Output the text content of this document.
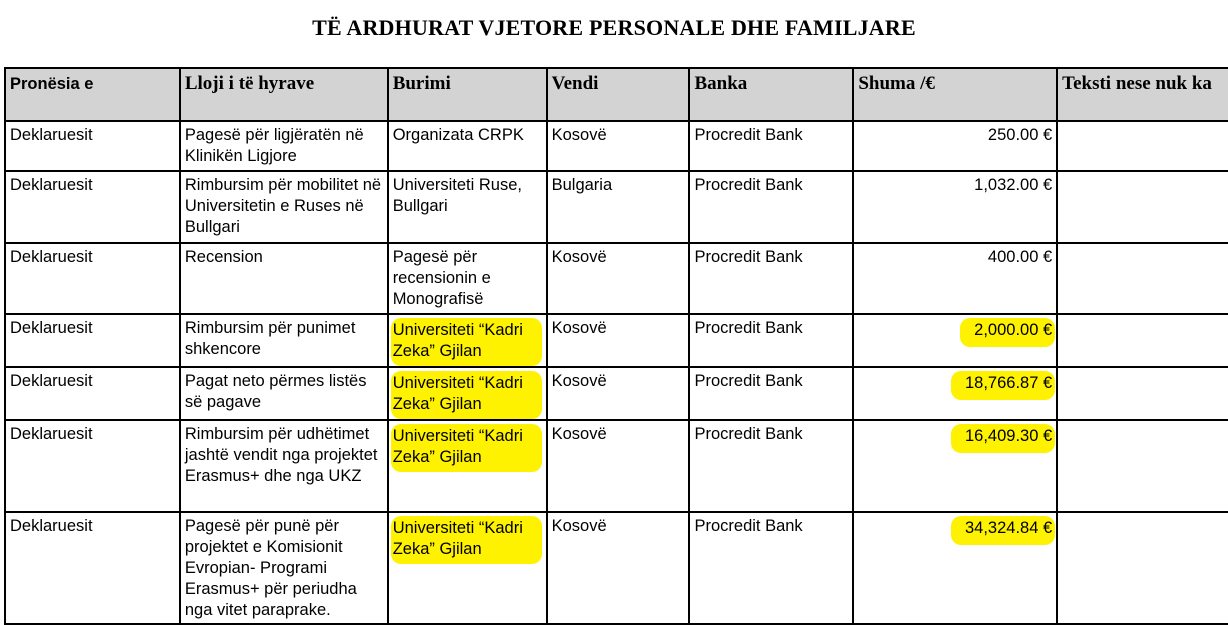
TË ARDHURAT VJETORE PERSONALE DHE FAMILJARE
Pronësia e	Lloji i të hyrave	Burimi	Vendi	Banka	Shuma /€	Teksti nese nuk ka
Deklaruesit	Pagesë për ligjëratën në Klinikën Ligjore	Organizata CRPK	Kosovë	Procredit Bank	250.00 €	
Deklaruesit	Rimbursim për mobilitet në Universitetin e Ruses në Bullgari	Universiteti Ruse, Bullgari	Bulgaria	Procredit Bank	1,032.00 €	
Deklaruesit	Recension	Pagesë për recensionin e Monografisë	Kosovë	Procredit Bank	400.00 €	
Deklaruesit	Rimbursim për punimet shkencore	Universiteti “Kadri Zeka” Gjilan	Kosovë	Procredit Bank	2,000.00 €	
Deklaruesit	Pagat neto përmes listës së pagave	Universiteti “Kadri Zeka” Gjilan	Kosovë	Procredit Bank	18,766.87 €	
Deklaruesit	Rimbursim për udhëtimet jashtë vendit nga projektet Erasmus+ dhe nga UKZ	Universiteti “Kadri Zeka” Gjilan	Kosovë	Procredit Bank	16,409.30 €	
Deklaruesit	Pagesë për punë për projektet e Komisionit Evropian- Programi Erasmus+ për periudha nga vitet paraprake.	Universiteti “Kadri Zeka” Gjilan	Kosovë	Procredit Bank	34,324.84 €	
